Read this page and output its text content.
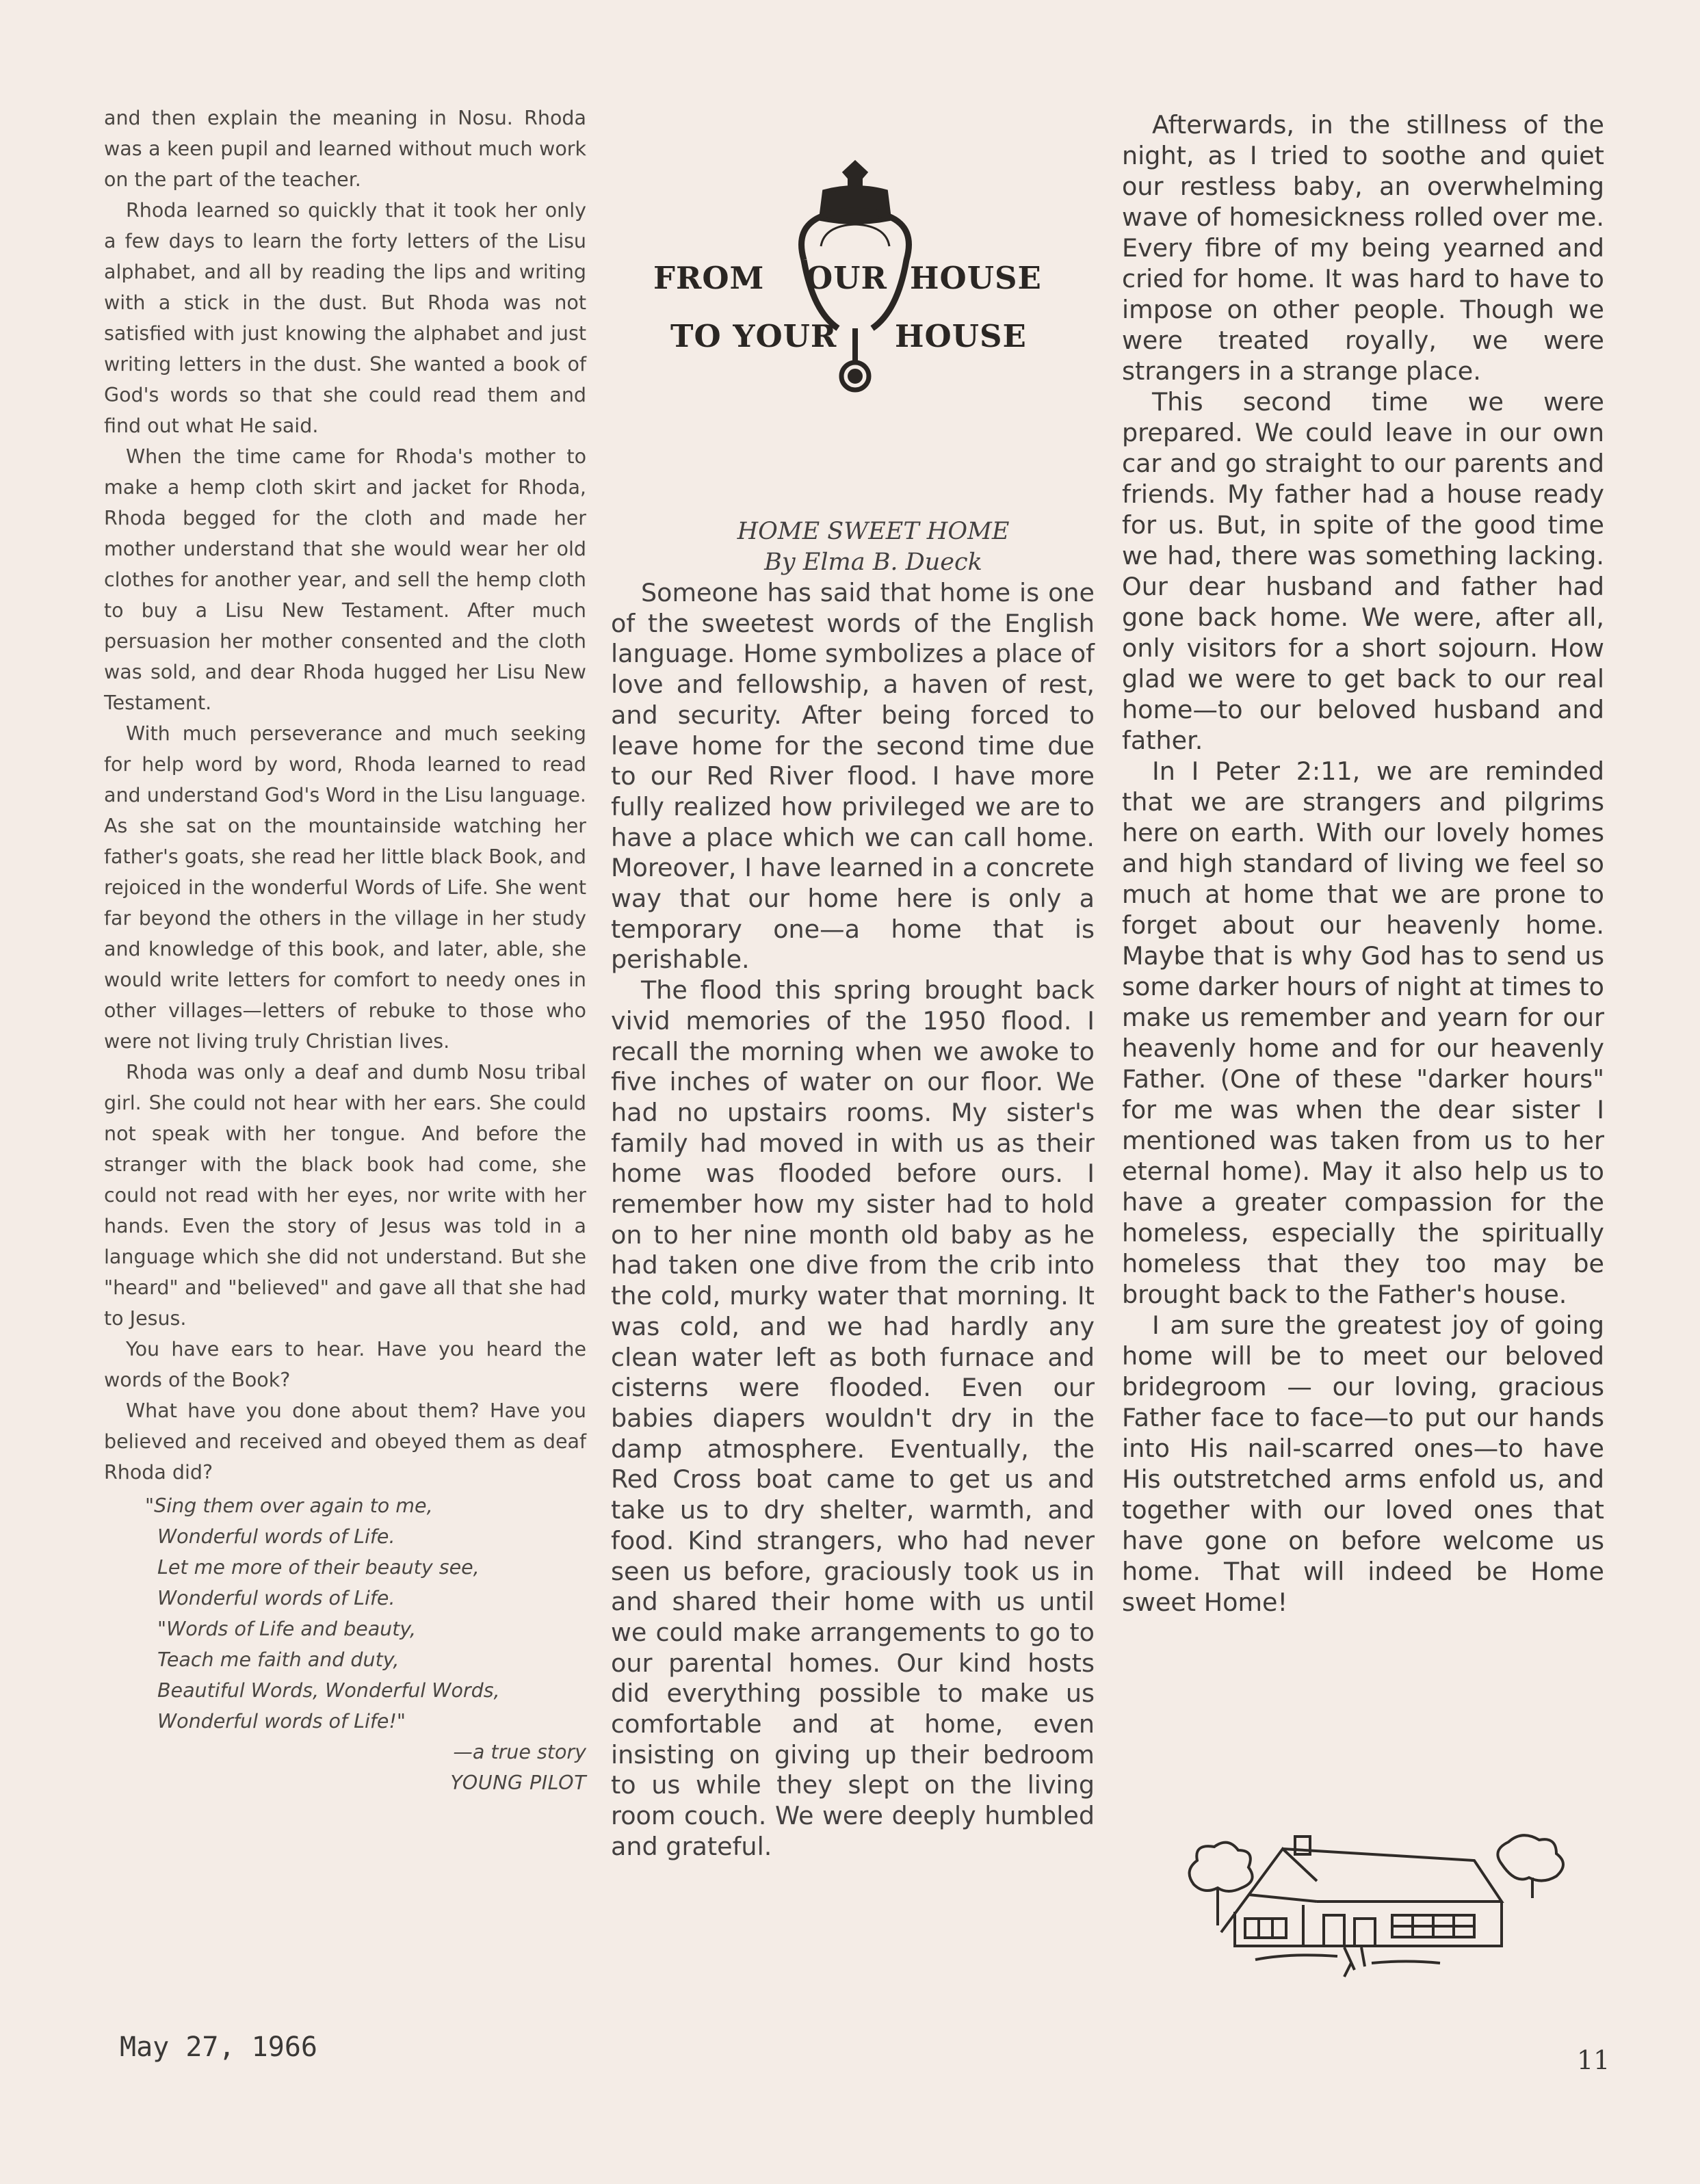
and then explain the meaning in Nosu. Rhoda was a keen pupil and learned without much work on the part of the teacher.

Rhoda learned so quickly that it took her only a few days to learn the forty letters of the Lisu alphabet, and all by reading the lips and writing with a stick in the dust. But Rhoda was not satisfied with just knowing the alphabet and just writing letters in the dust. She wanted a book of God's words so that she could read them and find out what He said.

When the time came for Rhoda's mother to make a hemp cloth skirt and jacket for Rhoda, Rhoda begged for the cloth and made her mother understand that she would wear her old clothes for another year, and sell the hemp cloth to buy a Lisu New Testament. After much persuasion her mother consented and the cloth was sold, and dear Rhoda hugged her Lisu New Testament.

With much perseverance and much seeking for help word by word, Rhoda learned to read and understand God's Word in the Lisu language. As she sat on the mountainside watching her father's goats, she read her little black Book, and rejoiced in the wonderful Words of Life. She went far beyond the others in the village in her study and knowledge of this book, and later, able, she would write letters for comfort to needy ones in other villages—letters of rebuke to those who were not living truly Christian lives.

Rhoda was only a deaf and dumb Nosu tribal girl. She could not hear with her ears. She could not speak with her tongue. And before the stranger with the black book had come, she could not read with her eyes, nor write with her hands. Even the story of Jesus was told in a language which she did not understand. But she "heard" and "believed" and gave all that she had to Jesus.

You have ears to hear. Have you heard the words of the Book?

What have you done about them? Have you believed and received and obeyed them as deaf Rhoda did?

"Sing them over again to me,
Wonderful words of Life.
Let me more of their beauty see,
Wonderful words of Life.
"Words of Life and beauty,
Teach me faith and duty,
Beautiful Words, Wonderful Words,
Wonderful words of Life!"
—a true story
YOUNG PILOT
FROM OUR HOUSE
TO YOUR HOUSE
HOME SWEET HOME
By Elma B. Dueck

Someone has said that home is one of the sweetest words of the English language. Home symbolizes a place of love and fellowship, a haven of rest, and security. After being forced to leave home for the second time due to our Red River flood. I have more fully realized how privileged we are to have a place which we can call home. Moreover, I have learned in a concrete way that our home here is only a temporary one—a home that is perishable.

The flood this spring brought back vivid memories of the 1950 flood. I recall the morning when we awoke to five inches of water on our floor. We had no upstairs rooms. My sister's family had moved in with us as their home was flooded before ours. I remember how my sister had to hold on to her nine month old baby as he had taken one dive from the crib into the cold, murky water that morning. It was cold, and we had hardly any clean water left as both furnace and cisterns were flooded. Even our babies diapers wouldn't dry in the damp atmosphere. Eventually, the Red Cross boat came to get us and take us to dry shelter, warmth, and food. Kind strangers, who had never seen us before, graciously took us in and shared their home with us until we could make arrangements to go to our parental homes. Our kind hosts did everything possible to make us comfortable and at home, even insisting on giving up their bedroom to us while they slept on the living room couch. We were deeply humbled and grateful.

Afterwards, in the stillness of the night, as I tried to soothe and quiet our restless baby, an overwhelming wave of homesickness rolled over me. Every fibre of my being yearned and cried for home. It was hard to have to impose on other people. Though we were treated royally, we were strangers in a strange place.

This second time we were prepared. We could leave in our own car and go straight to our parents and friends. My father had a house ready for us. But, in spite of the good time we had, there was something lacking. Our dear husband and father had gone back home. We were, after all, only visitors for a short sojourn. How glad we were to get back to our real home—to our beloved husband and father.

In I Peter 2:11, we are reminded that we are strangers and pilgrims here on earth. With our lovely homes and high standard of living we feel so much at home that we are prone to forget about our heavenly home. Maybe that is why God has to send us some darker hours of night at times to make us remember and yearn for our heavenly home and for our heavenly Father. (One of these "darker hours" for me was when the dear sister I mentioned was taken from us to her eternal home). May it also help us to have a greater compassion for the homeless, especially the spiritually homeless that they too may be brought back to the Father's house.

I am sure the greatest joy of going home will be to meet our beloved bridegroom — our loving, gracious Father face to face—to put our hands into His nail-scarred ones—to have His outstretched arms enfold us, and together with our loved ones that have gone on before welcome us home. That will indeed be Home sweet Home!

May 27, 1966	11
